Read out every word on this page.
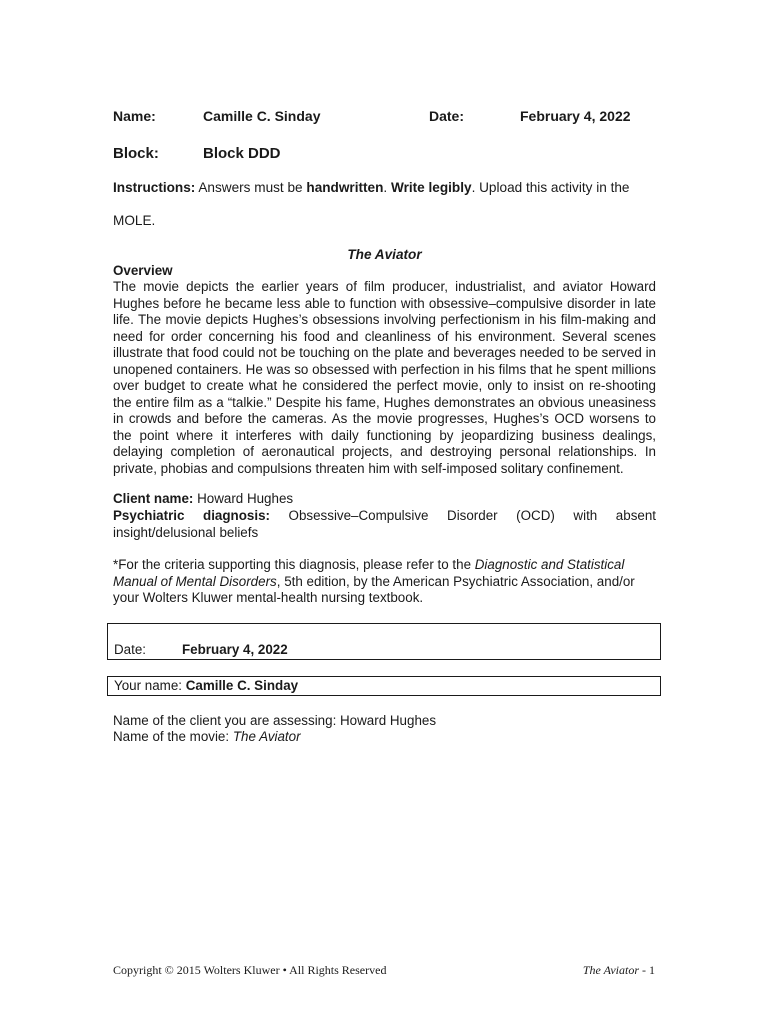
Name:	Camille C. Sinday	Date:	February 4, 2022
Block:	Block DDD
Instructions: Answers must be handwritten. Write legibly. Upload this activity in the
MOLE.
The Aviator
Overview
The movie depicts the earlier years of film producer, industrialist, and aviator Howard Hughes before he became less able to function with obsessive–compulsive disorder in late life. The movie depicts Hughes’s obsessions involving perfectionism in his film-making and need for order concerning his food and cleanliness of his environment. Several scenes illustrate that food could not be touching on the plate and beverages needed to be served in unopened containers. He was so obsessed with perfection in his films that he spent millions over budget to create what he considered the perfect movie, only to insist on re-shooting the entire film as a “talkie.” Despite his fame, Hughes demonstrates an obvious uneasiness in crowds and before the cameras. As the movie progresses, Hughes’s OCD worsens to the point where it interferes with daily functioning by jeopardizing business dealings, delaying completion of aeronautical projects, and destroying personal relationships. In private, phobias and compulsions threaten him with self-imposed solitary confinement.
Client name: Howard Hughes
Psychiatric diagnosis: Obsessive–Compulsive Disorder (OCD) with absent insight/delusional beliefs
*For the criteria supporting this diagnosis, please refer to the Diagnostic and Statistical Manual of Mental Disorders, 5th edition, by the American Psychiatric Association, and/or your Wolters Kluwer mental-health nursing textbook.
Date:	February 4, 2022
Your name: Camille C. Sinday
Name of the client you are assessing: Howard Hughes
Name of the movie: The Aviator
Copyright © 2015 Wolters Kluwer • All Rights Reserved	The Aviator - 1
